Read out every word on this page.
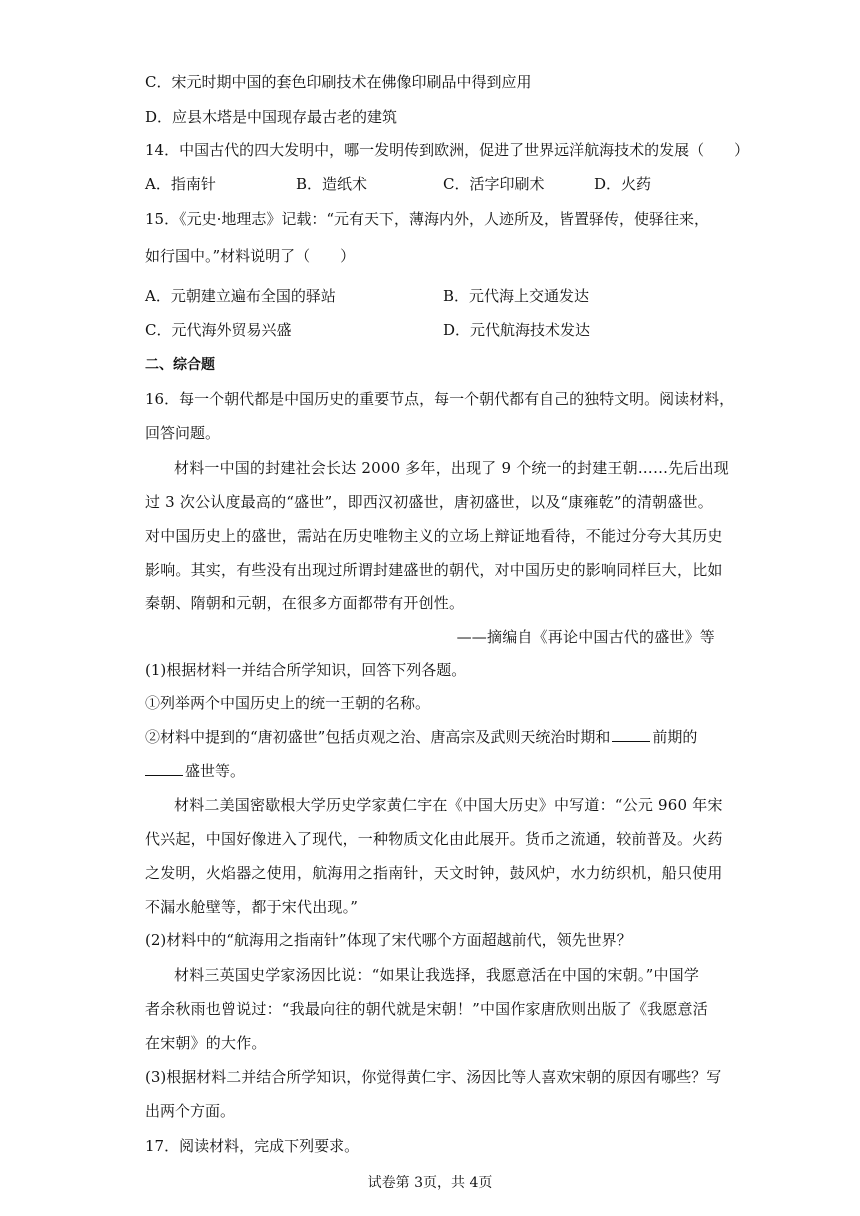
C．宋元时期中国的套色印刷技术在佛像印刷品中得到应用
D．应县木塔是中国现存最古老的建筑
14．中国古代的四大发明中，哪一发明传到欧洲，促进了世界远洋航海技术的发展（　　）
A．指南针	B．造纸术	C．活字印刷术	D．火药
15．《元史·地理志》记载：“元有天下，薄海内外，人迹所及，皆置驿传，使驿往来，
如行国中。”材料说明了（　　）
A．元朝建立遍布全国的驿站	B．元代海上交通发达
C．元代海外贸易兴盛	D．元代航海技术发达
二、综合题
16．每一个朝代都是中国历史的重要节点，每一个朝代都有自己的独特文明。阅读材料，
回答问题。
材料一中国的封建社会长达 2000 多年，出现了 9 个统一的封建王朝……先后出现
过 3 次公认度最高的“盛世”，即西汉初盛世，唐初盛世，以及“康雍乾”的清朝盛世。
对中国历史上的盛世，需站在历史唯物主义的立场上辩证地看待，不能过分夸大其历史
影响。其实，有些没有出现过所谓封建盛世的朝代，对中国历史的影响同样巨大，比如
秦朝、隋朝和元朝，在很多方面都带有开创性。
——摘编自《再论中国古代的盛世》等
(1)根据材料一并结合所学知识，回答下列各题。
①列举两个中国历史上的统一王朝的名称。
②材料中提到的“唐初盛世”包括贞观之治、唐高宗及武则天统治时期和	前期的
盛世等。
材料二美国密歇根大学历史学家黄仁宇在《中国大历史》中写道：“公元 960 年宋
代兴起，中国好像进入了现代，一种物质文化由此展开。货币之流通，较前普及。火药
之发明，火焰器之使用，航海用之指南针，天文时钟，鼓风炉，水力纺织机，船只使用
不漏水舱壁等，都于宋代出现。”
(2)材料中的“航海用之指南针”体现了宋代哪个方面超越前代，领先世界？
材料三英国史学家汤因比说：“如果让我选择，我愿意活在中国的宋朝。”中国学
者余秋雨也曾说过：“我最向往的朝代就是宋朝！”中国作家唐欣则出版了《我愿意活
在宋朝》的大作。
(3)根据材料二并结合所学知识，你觉得黄仁宇、汤因比等人喜欢宋朝的原因有哪些？写
出两个方面。
17．阅读材料，完成下列要求。
试卷第 3页，共 4页
